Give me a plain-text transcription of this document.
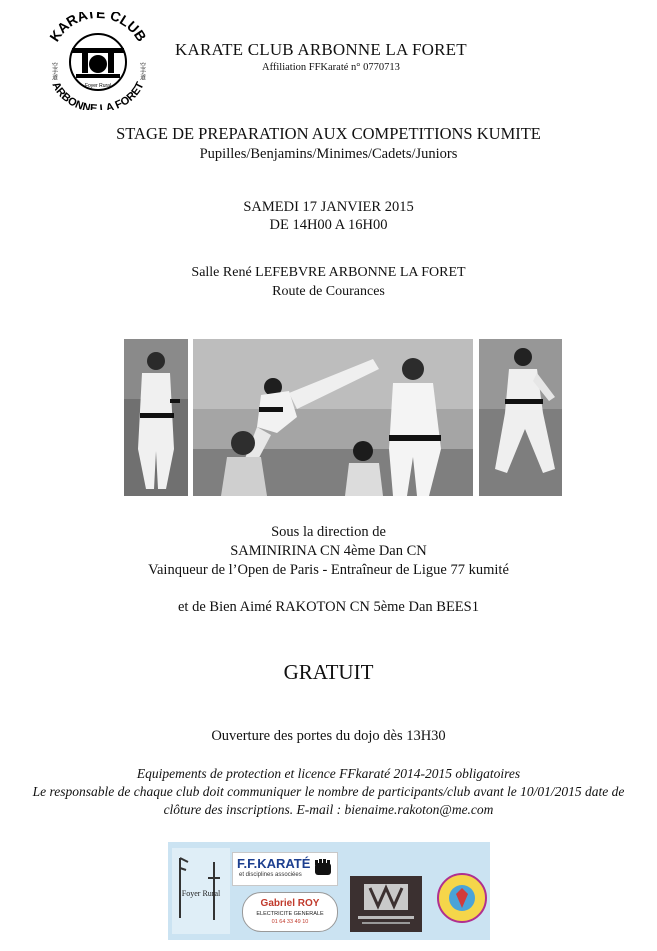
KARATE CLUB
ARBONNE LA FORET
Foyer Rural
空手道	空手道
KARATE CLUB ARBONNE LA FORET
Affiliation FFKaraté n° 0770713
STAGE DE PREPARATION AUX COMPETITIONS KUMITE
Pupilles/Benjamins/Minimes/Cadets/Juniors
SAMEDI 17 JANVIER 2015
DE 14H00 A 16H00
Salle René LEFEBVRE ARBONNE LA FORET
Route de Courances
Sous la direction de
SAMINIRINA CN 4ème Dan CN
Vainqueur de l’Open de Paris - Entraîneur de Ligue 77 kumité
et de Bien Aimé RAKOTON CN 5ème Dan BEES1
GRATUIT
Ouverture des portes du dojo dès 13H30
Equipements de protection et licence FFkaraté 2014-2015 obligatoires
Le responsable de chaque club doit communiquer le nombre de participants/club avant le 10/01/2015 date de clôture des inscriptions. E-mail : bienaime.rakoton@me.com
Foyer Rural
F.F.KARATÉ
et disciplines associées
Gabriel ROY
ELECTRICITE GENERALE
01 64 33 49 10
